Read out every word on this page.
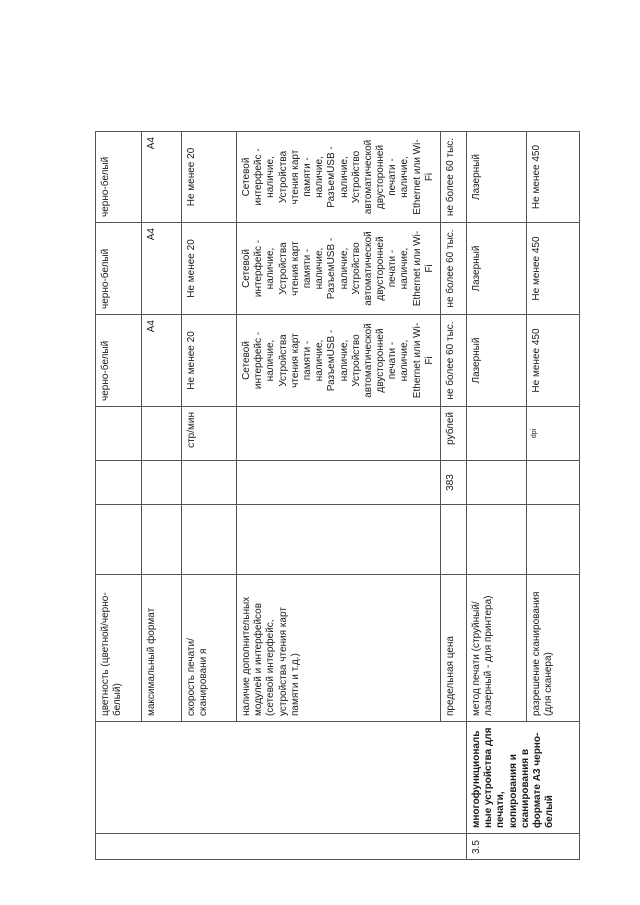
		цветность (цветной/черно-белый)				черно-белый	черно-белый	черно-белый
		максимальный формат				A4	A4	A4
		скорость печати/сканировани я			стр/мин	Не менее 20	Не менее 20	Не менее 20
		наличие дополнительных модулей и интерфейсов (сетевой интерфейс, устройства чтения карт памяти и т.д.)				Сетевой интерфейс - наличие, Устройства чтения карт памяти - наличие, РазъемUSB - наличие, Устройство автоматической двусторонней печати - наличие, Ethernet или Wi-Fi	Сетевой интерфейс - наличие, Устройства чтения карт памяти - наличие, РазъемUSB - наличие, Устройство автоматической двусторонней печати - наличие, Ethernet или Wi-Fi	Сетевой интерфейс - наличие, Устройства чтения карт памяти - наличие, РазъемUSB - наличие, Устройство автоматической двусторонней печати - наличие, Ethernet или Wi-Fi
		предельная цена		383	рублей	не более 60 тыс.	не более 60 тыс.	не более 60 тыс.
3.5	многофункциональные устройства для печати, копирования и сканирования в формате А3 черно-белый	метод печати (струйный/лазерный - для принтера)				Лазерный	Лазерный	Лазерный
		разрешение сканирования (для сканера)			dpi	Не менее 450	Не менее 450	Не менее 450
